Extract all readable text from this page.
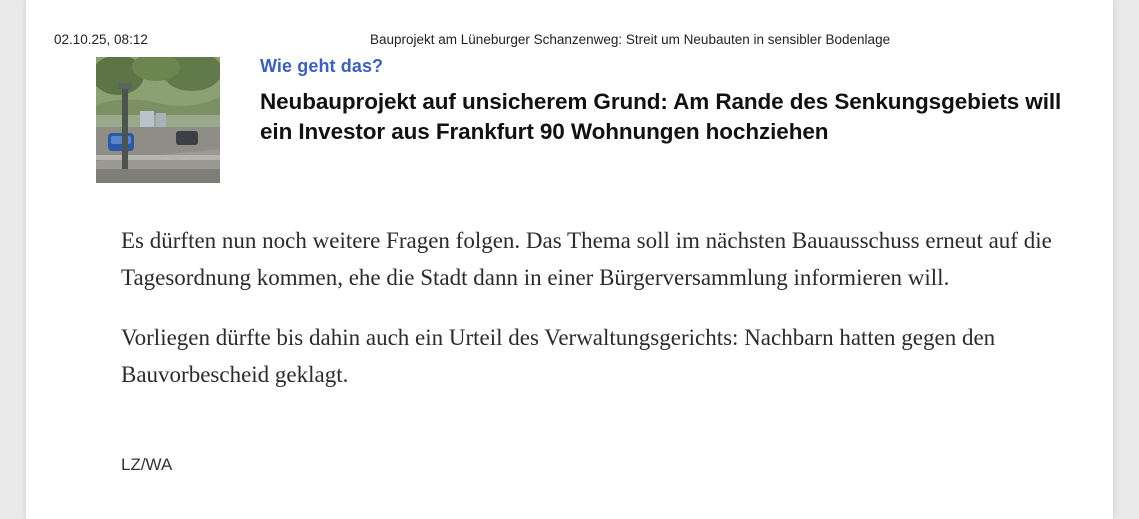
02.10.25, 08:12	Bauprojekt am Lüneburger Schanzenweg: Streit um Neubauten in sensibler Bodenlage
Wie geht das?
Neubauprojekt auf unsicherem Grund: Am Rande des Senkungsgebiets will ein Investor aus Frankfurt 90 Wohnungen hochziehen

Es dürften nun noch weitere Fragen folgen. Das Thema soll im nächsten Bauausschuss erneut auf die Tagesordnung kommen, ehe die Stadt dann in einer Bürgerversammlung informieren will.

Vorliegen dürfte bis dahin auch ein Urteil des Verwaltungsgerichts: Nachbarn hatten gegen den Bauvorbescheid geklagt.

LZ/WA
